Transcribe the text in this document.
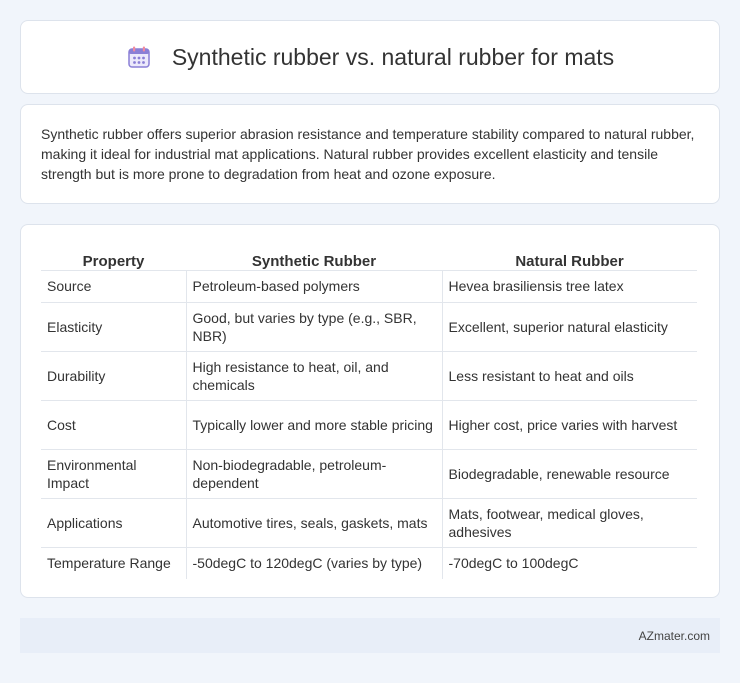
Synthetic rubber vs. natural rubber for mats

Synthetic rubber offers superior abrasion resistance and temperature stability compared to natural rubber, making it ideal for industrial mat applications. Natural rubber provides excellent elasticity and tensile strength but is more prone to degradation from heat and ozone exposure.

Property	Synthetic Rubber	Natural Rubber
Source	Petroleum-based polymers	Hevea brasiliensis tree latex
Elasticity	Good, but varies by type (e.g., SBR, NBR)	Excellent, superior natural elasticity
Durability	High resistance to heat, oil, and chemicals	Less resistant to heat and oils
Cost	Typically lower and more stable pricing	Higher cost, price varies with harvest
Environmental Impact	Non-biodegradable, petroleum-dependent	Biodegradable, renewable resource
Applications	Automotive tires, seals, gaskets, mats	Mats, footwear, medical gloves, adhesives
Temperature Range	-50degC to 120degC (varies by type)	-70degC to 100degC
AZmater.com
